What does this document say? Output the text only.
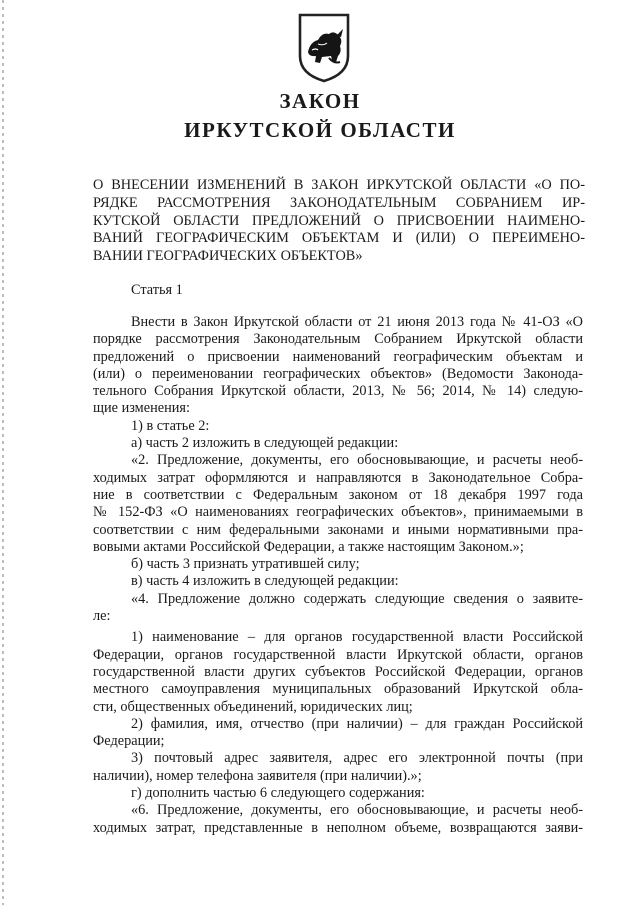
ЗАКОН
ИРКУТСКОЙ ОБЛАСТИ

О ВНЕСЕНИИ ИЗМЕНЕНИЙ В ЗАКОН ИРКУТСКОЙ ОБЛАСТИ «О ПО-

РЯДКЕ РАССМОТРЕНИЯ ЗАКОНОДАТЕЛЬНЫМ СОБРАНИЕМ ИР-

КУТСКОЙ ОБЛАСТИ ПРЕДЛОЖЕНИЙ О ПРИСВОЕНИИ НАИМЕНО-

ВАНИЙ ГЕОГРАФИЧЕСКИМ ОБЪЕКТАМ И (ИЛИ) О ПЕРЕИМЕНО-

ВАНИИ ГЕОГРАФИЧЕСКИХ ОБЪЕКТОВ»

Статья 1
Внести в Закон Иркутской области от 21 июня 2013 года № 41-ОЗ «О
порядке рассмотрения Законодательным Собранием Иркутской области
предложений о присвоении наименований географическим объектам и
(или) о переименовании географических объектов» (Ведомости Законода-
тельного Собрания Иркутской области, 2013, № 56; 2014, № 14) следую-
щие изменения:
1) в статье 2:
а) часть 2 изложить в следующей редакции:
«2. Предложение, документы, его обосновывающие, и расчеты необ-
ходимых затрат оформляются и направляются в Законодательное Собра-
ние в соответствии с Федеральным законом от 18 декабря 1997 года
№ 152-ФЗ «О наименованиях географических объектов», принимаемыми в
соответствии с ним федеральными законами и иными нормативными пра-
вовыми актами Российской Федерации, а также настоящим Законом.»;
б) часть 3 признать утратившей силу;
в) часть 4 изложить в следующей редакции:
«4. Предложение должно содержать следующие сведения о заявите-
ле:
1) наименование – для органов государственной власти Российской
Федерации, органов государственной власти Иркутской области, органов
государственной власти других субъектов Российской Федерации, органов
местного самоуправления муниципальных образований Иркутской обла-
сти, общественных объединений, юридических лиц;
2) фамилия, имя, отчество (при наличии) – для граждан Российской
Федерации;
3) почтовый адрес заявителя, адрес его электронной почты (при
наличии), номер телефона заявителя (при наличии).»;
г) дополнить частью 6 следующего содержания:
«6. Предложение, документы, его обосновывающие, и расчеты необ-
ходимых затрат, представленные в неполном объеме, возвращаются заяви-
